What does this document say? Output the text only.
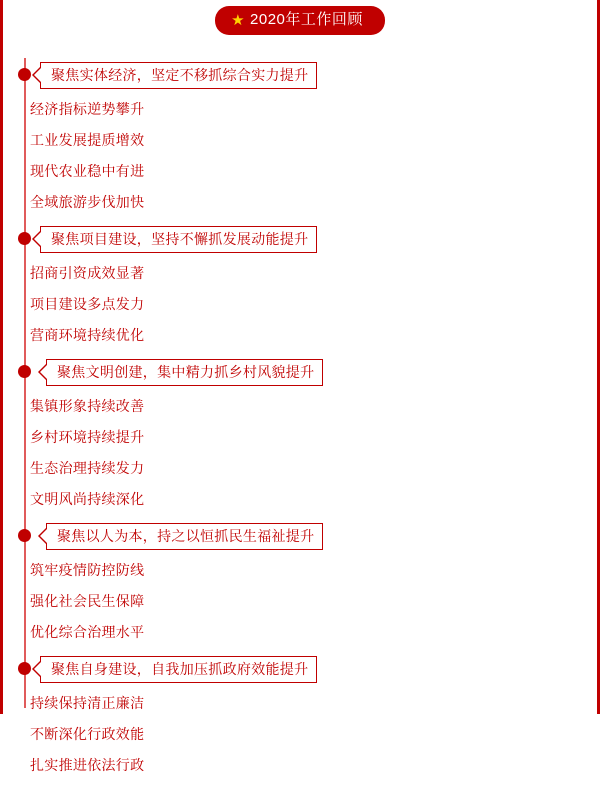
★ 2020年工作回顾
聚焦实体经济，坚定不移抓综合实力提升
经济指标逆势攀升
工业发展提质增效
现代农业稳中有进
全域旅游步伐加快
聚焦项目建设，坚持不懈抓发展动能提升
招商引资成效显著
项目建设多点发力
营商环境持续优化
聚焦文明创建，集中精力抓乡村风貌提升
集镇形象持续改善
乡村环境持续提升
生态治理持续发力
文明风尚持续深化
聚焦以人为本，持之以恒抓民生福祉提升
筑牢疫情防控防线
强化社会民生保障
优化综合治理水平
聚焦自身建设，自我加压抓政府效能提升
持续保持清正廉洁
不断深化行政效能
扎实推进依法行政
